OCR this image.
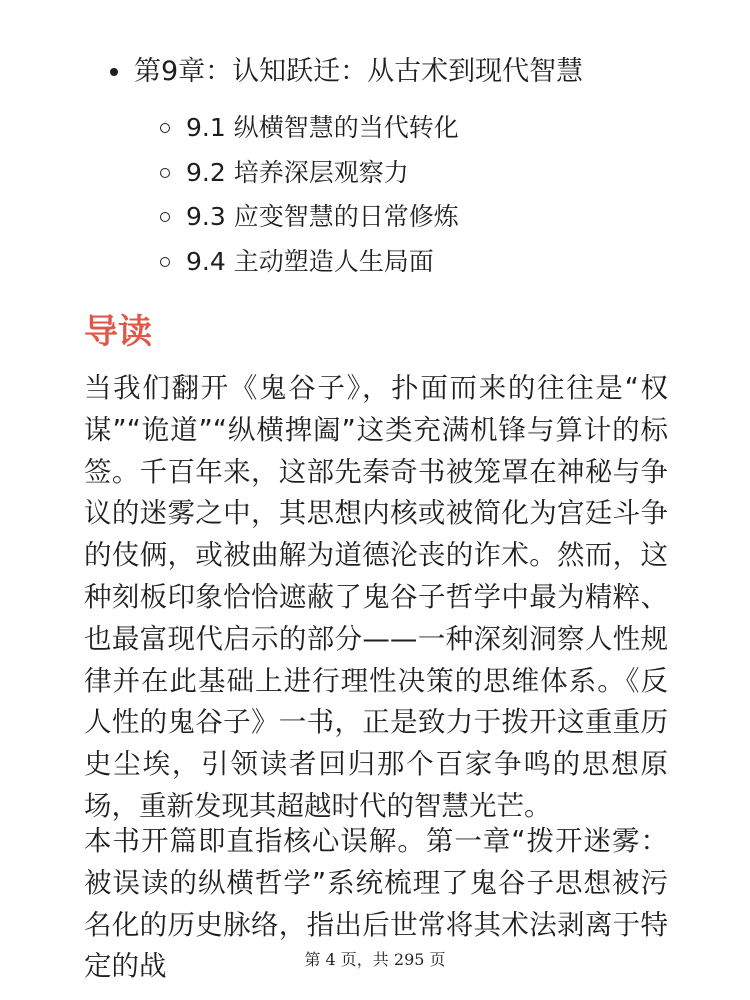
第9章：认知跃迁：从古术到现代智慧
9.1 纵横智慧的当代转化
9.2 培养深层观察力
9.3 应变智慧的日常修炼
9.4 主动塑造人生局面
导读

当我们翻开《鬼谷子》，扑面而来的往往是“权谋”“诡道”“纵横捭阖”这类充满机锋与算计的标签。千百年来，这部先秦奇书被笼罩在神秘与争议的迷雾之中，其思想内核或被简化为宫廷斗争的伎俩，或被曲解为道德沦丧的诈术。然而，这种刻板印象恰恰遮蔽了鬼谷子哲学中最为精粹、也最富现代启示的部分——一种深刻洞察人性规律并在此基础上进行理性决策的思维体系。《反人性的鬼谷子》一书，正是致力于拨开这重重历史尘埃，引领读者回归那个百家争鸣的思想原场，重新发现其超越时代的智慧光芒。

本书开篇即直指核心误解。第一章“拨开迷雾：被误读的纵横哲学”系统梳理了鬼谷子思想被污名化的历史脉络，指出后世常将其术法剥离于特定的战	第 4 页，共 295 页
